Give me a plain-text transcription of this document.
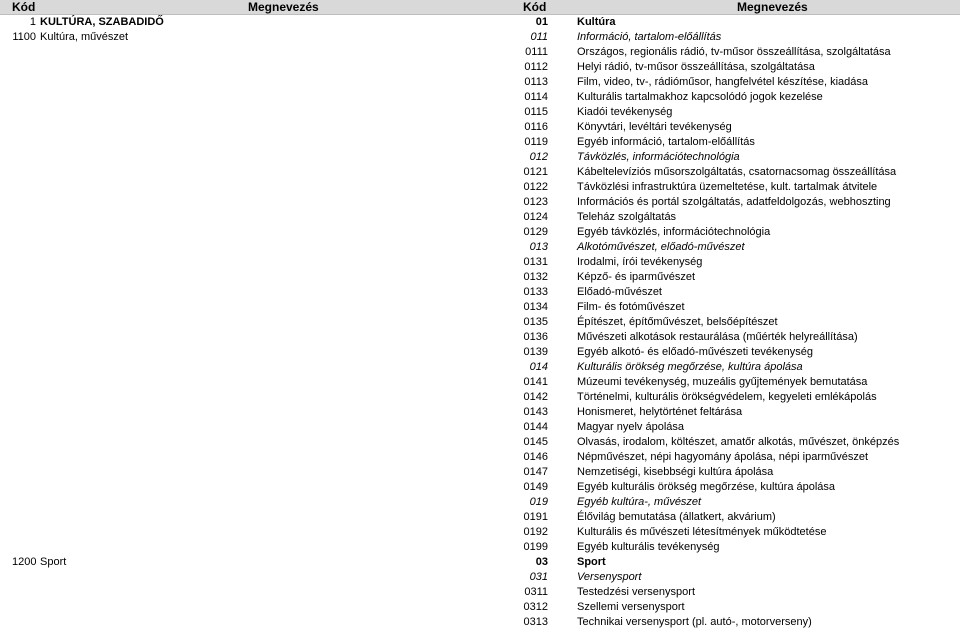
Kód	Megnevezés	Kód	Megnevezés
1 KULTÚRA, SZABADIDŐ	01	Kultúra
1100 Kultúra, művészet	011	Információ, tartalom-előállítás
0111	Országos, regionális rádió, tv-műsor összeállítása, szolgáltatása
0112	Helyi rádió, tv-műsor összeállítása, szolgáltatása
0113	Film, video, tv-, rádióműsor, hangfelvétel készítése, kiadása
0114	Kulturális tartalmakhoz kapcsolódó jogok kezelése
0115	Kiadói tevékenység
0116	Könyvtári, levéltári tevékenység
0119	Egyéb információ, tartalom-előállítás
012	Távközlés, információtechnológia
0121	Kábeltelevíziós műsorszolgáltatás, csatornacsomag összeállítása
0122	Távközlési infrastruktúra üzemeltetése, kult. tartalmak átvitele
0123	Információs és portál szolgáltatás, adatfeldolgozás, webhoszting
0124	Teleház szolgáltatás
0129	Egyéb távközlés, információtechnológia
013	Alkotóművészet, előadó-művészet
0131	Irodalmi, írói tevékenység
0132	Képző- és iparművészet
0133	Előadó-művészet
0134	Film- és fotóművészet
0135	Építészet, építőművészet, belsőépítészet
0136	Művészeti alkotások restaurálása (műérték helyreállítása)
0139	Egyéb alkotó- és előadó-művészeti tevékenység
014	Kulturális örökség megőrzése, kultúra ápolása
0141	Múzeumi tevékenység, muzeális gyűjtemények bemutatása
0142	Történelmi, kulturális örökségvédelem, kegyeleti emlékápolás
0143	Honismeret, helytörténet feltárása
0144	Magyar nyelv ápolása
0145	Olvasás, irodalom, költészet, amatőr alkotás, művészet, önképzés
0146	Népművészet, népi hagyomány ápolása, népi iparművészet
0147	Nemzetiségi, kisebbségi kultúra ápolása
0149	Egyéb kulturális örökség megőrzése, kultúra ápolása
019	Egyéb kultúra-, művészet
0191	Élővilág bemutatása (állatkert, akvárium)
0192	Kulturális és művészeti létesítmények működtetése
0199	Egyéb kulturális tevékenység
1200 Sport	03	Sport
031	Versenysport
0311	Testedzési versenysport
0312	Szellemi versenysport
0313	Technikai versenysport (pl. autó-, motorverseny)
